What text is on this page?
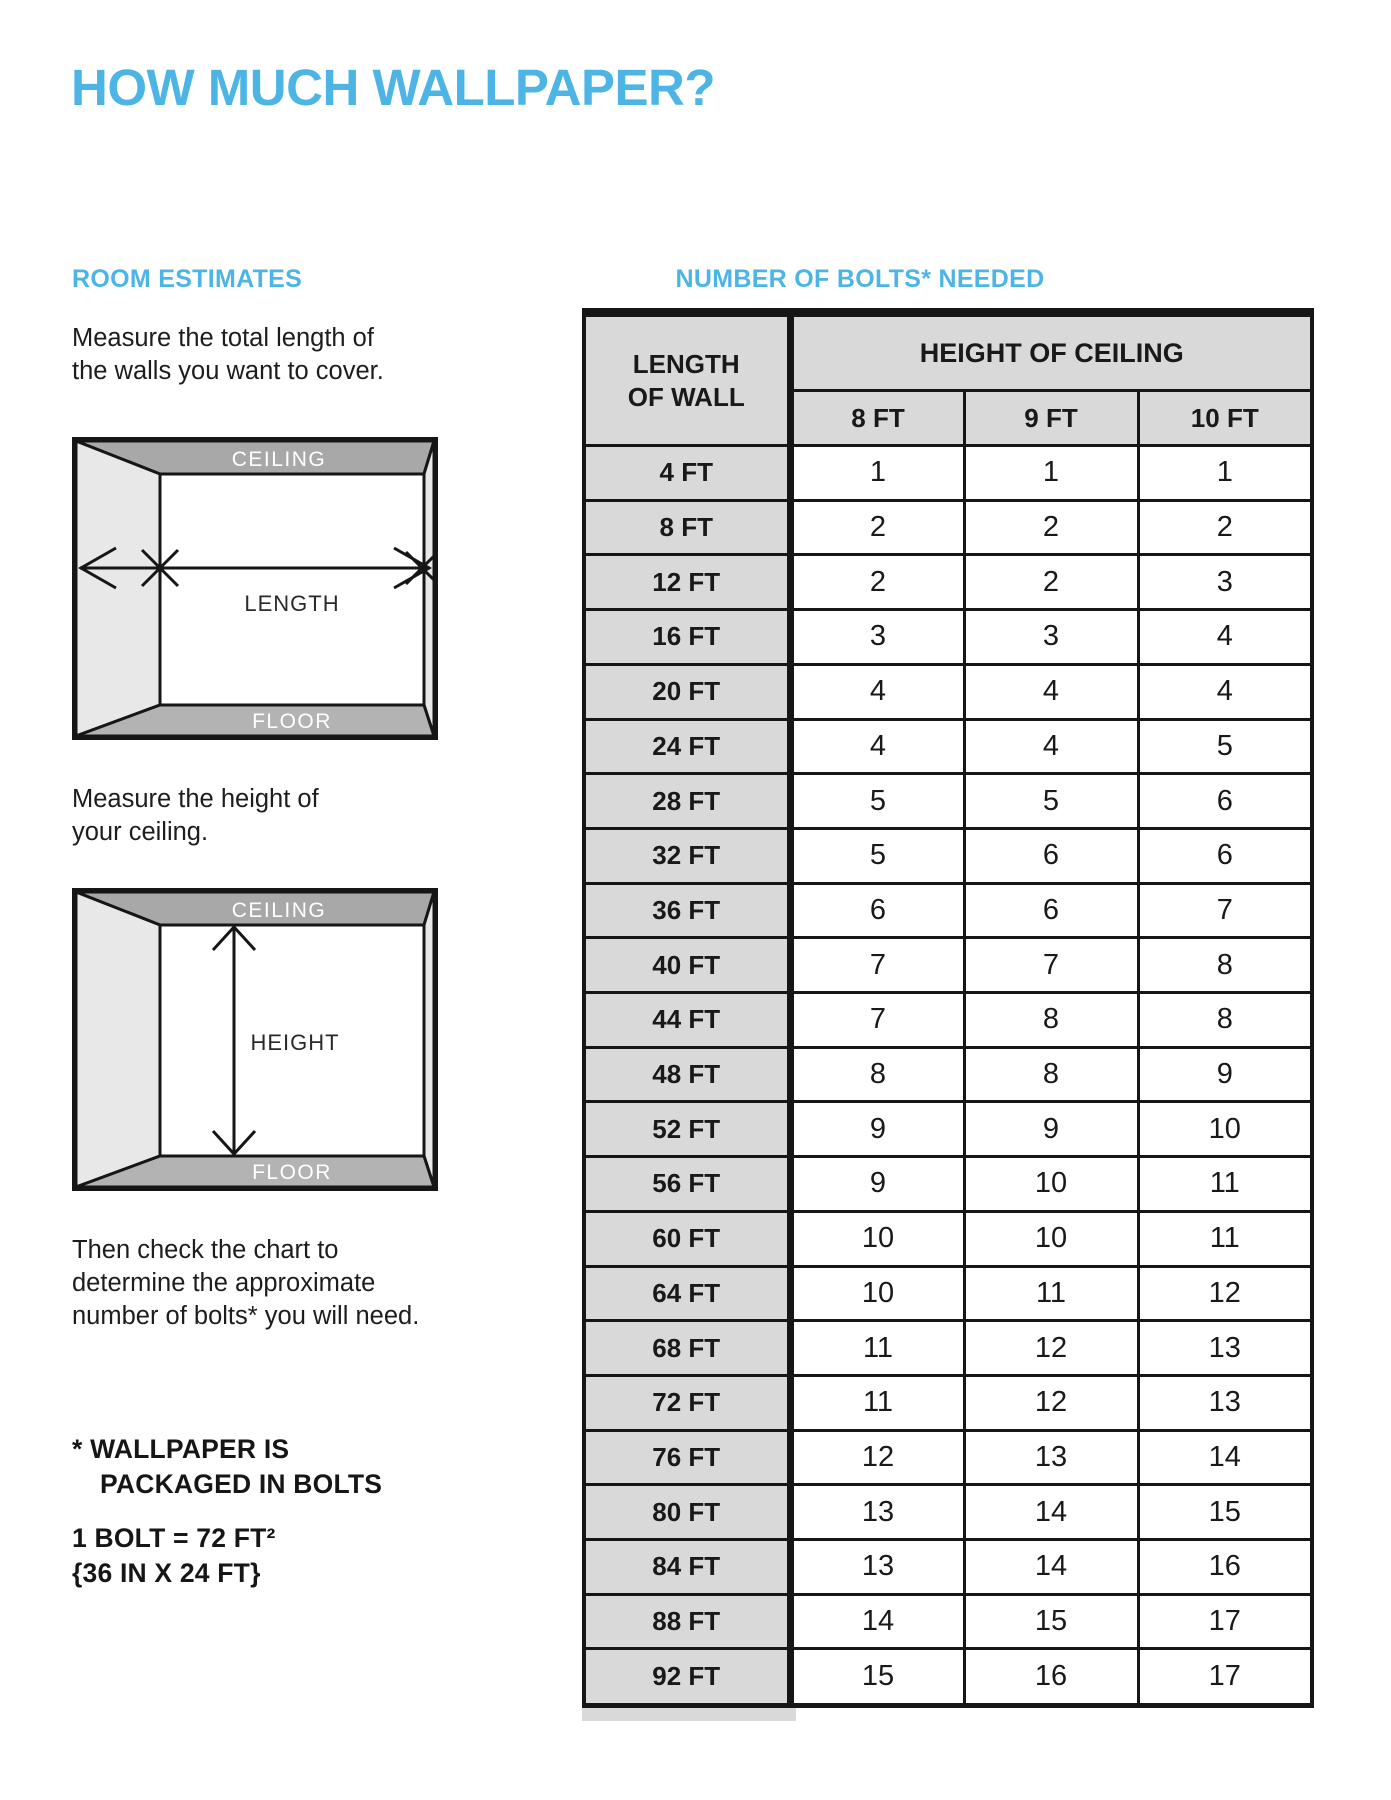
HOW MUCH WALLPAPER?
ROOM ESTIMATES	NUMBER OF BOLTS* NEEDED
Measure the total length of
the walls you want to cover.
CEILING
FLOOR
LENGTH
Measure the height of
your ceiling.
CEILING
FLOOR
HEIGHT
Then check the chart to
determine the approximate
number of bolts* you will need.
* WALLPAPER IS
PACKAGED IN BOLTS
1 BOLT = 72 FT²
{36 IN X 24 FT}
LENGTH
OF WALL	HEIGHT OF CEILING		
	8 FT	9 FT	10 FT
4 FT	1	1	1
8 FT	2	2	2
12 FT	2	2	3
16 FT	3	3	4
20 FT	4	4	4
24 FT	4	4	5
28 FT	5	5	6
32 FT	5	6	6
36 FT	6	6	7
40 FT	7	7	8
44 FT	7	8	8
48 FT	8	8	9
52 FT	9	9	10
56 FT	9	10	11
60 FT	10	10	11
64 FT	10	11	12
68 FT	11	12	13
72 FT	11	12	13
76 FT	12	13	14
80 FT	13	14	15
84 FT	13	14	16
88 FT	14	15	17
92 FT	15	16	17
